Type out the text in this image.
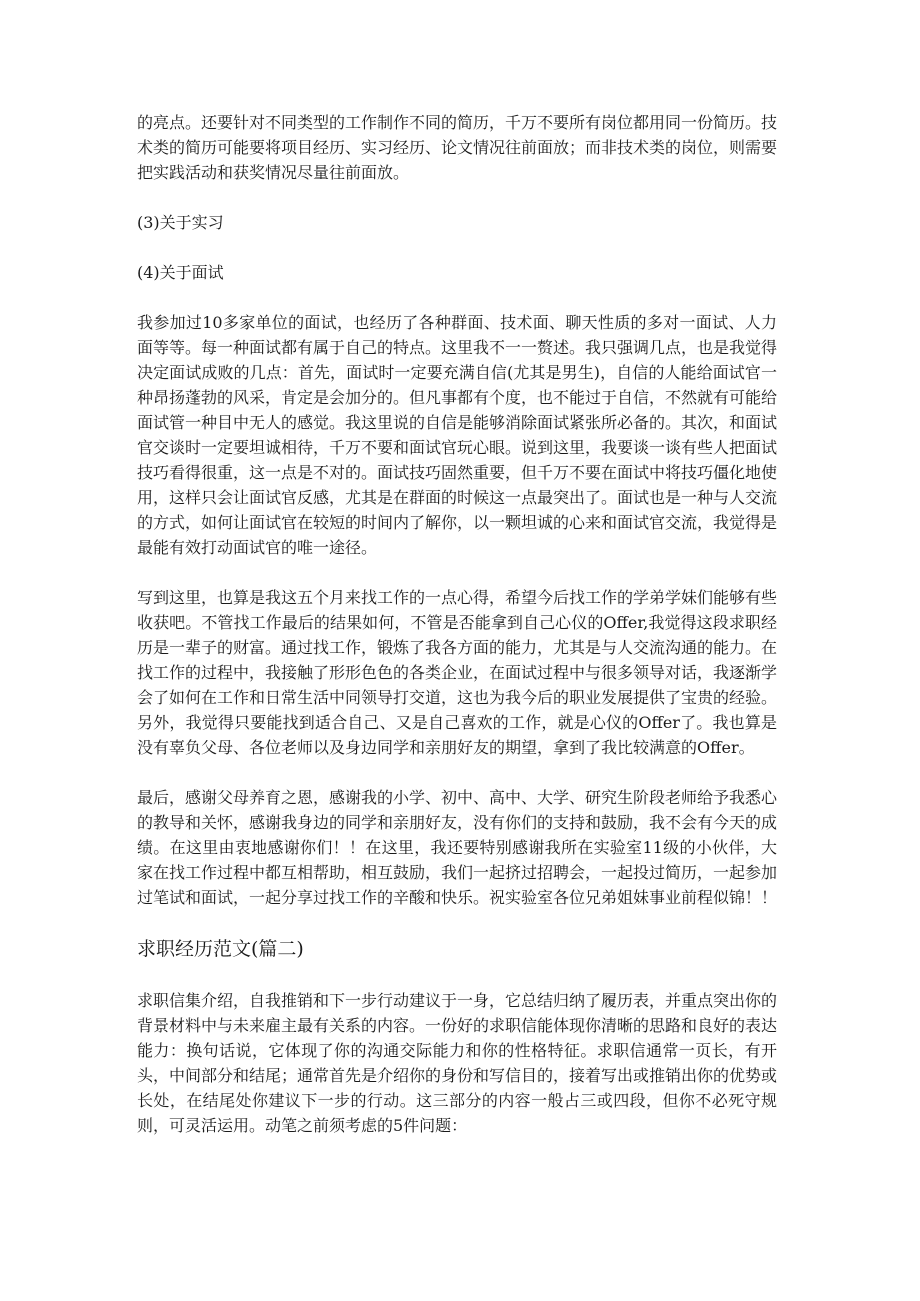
的亮点。还要针对不同类型的工作制作不同的简历，千万不要所有岗位都用同一份简历。技术类的简历可能要将项目经历、实习经历、论文情况往前面放；而非技术类的岗位，则需要把实践活动和获奖情况尽量往前面放。

(3)关于实习

(4)关于面试

我参加过10多家单位的面试，也经历了各种群面、技术面、聊天性质的多对一面试、人力面等等。每一种面试都有属于自己的特点。这里我不一一赘述。我只强调几点，也是我觉得决定面试成败的几点：首先，面试时一定要充满自信(尤其是男生)，自信的人能给面试官一种昂扬蓬勃的风采，肯定是会加分的。但凡事都有个度，也不能过于自信，不然就有可能给面试管一种目中无人的感觉。我这里说的自信是能够消除面试紧张所必备的。其次，和面试官交谈时一定要坦诚相待，千万不要和面试官玩心眼。说到这里，我要谈一谈有些人把面试技巧看得很重，这一点是不对的。面试技巧固然重要，但千万不要在面试中将技巧僵化地使用，这样只会让面试官反感，尤其是在群面的时候这一点最突出了。面试也是一种与人交流的方式，如何让面试官在较短的时间内了解你，以一颗坦诚的心来和面试官交流，我觉得是最能有效打动面试官的唯一途径。

写到这里，也算是我这五个月来找工作的一点心得，希望今后找工作的学弟学妹们能够有些收获吧。不管找工作最后的结果如何，不管是否能拿到自己心仪的Offer,我觉得这段求职经历是一辈子的财富。通过找工作，锻炼了我各方面的能力，尤其是与人交流沟通的能力。在找工作的过程中，我接触了形形色色的各类企业，在面试过程中与很多领导对话，我逐渐学会了如何在工作和日常生活中同领导打交道，这也为我今后的职业发展提供了宝贵的经验。另外，我觉得只要能找到适合自己、又是自己喜欢的工作，就是心仪的Offer了。我也算是没有辜负父母、各位老师以及身边同学和亲朋好友的期望，拿到了我比较满意的Offer。

最后，感谢父母养育之恩，感谢我的小学、初中、高中、大学、研究生阶段老师给予我悉心的教导和关怀，感谢我身边的同学和亲朋好友，没有你们的支持和鼓励，我不会有今天的成绩。在这里由衷地感谢你们！！在这里，我还要特别感谢我所在实验室11级的小伙伴，大家在找工作过程中都互相帮助，相互鼓励，我们一起挤过招聘会，一起投过简历，一起参加过笔试和面试，一起分享过找工作的辛酸和快乐。祝实验室各位兄弟姐妹事业前程似锦！！

求职经历范文(篇二)

求职信集介绍，自我推销和下一步行动建议于一身，它总结归纳了履历表，并重点突出你的背景材料中与未来雇主最有关系的内容。一份好的求职信能体现你清晰的思路和良好的表达能力：换句话说，它体现了你的沟通交际能力和你的性格特征。求职信通常一页长，有开头，中间部分和结尾；通常首先是介绍你的身份和写信目的，接着写出或推销出你的优势或长处，在结尾处你建议下一步的行动。这三部分的内容一般占三或四段，但你不必死守规则，可灵活运用。动笔之前须考虑的5件问题：
